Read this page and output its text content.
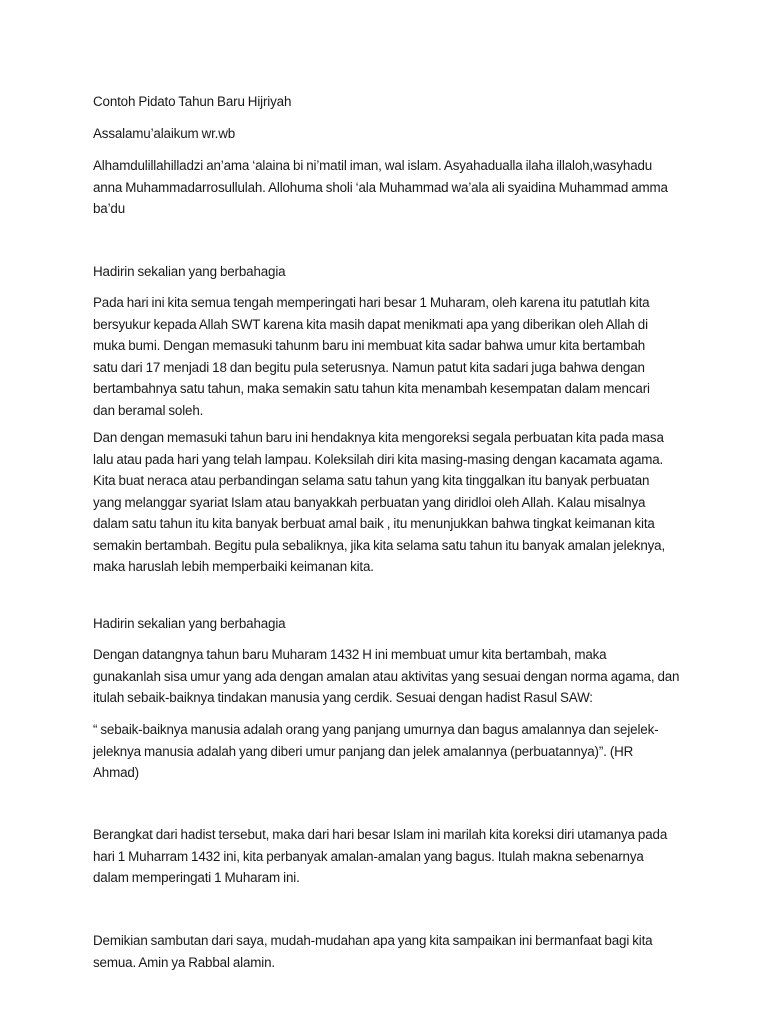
Contoh Pidato Tahun Baru Hijriyah
Assalamu’alaikum wr.wb
Alhamdulillahilladzi an’ama ‘alaina bi ni’matil iman, wal islam. Asyahadualla ilaha illaloh,wasyhadu
anna Muhammadarrosullulah. Allohuma sholi ‘ala Muhammad wa’ala ali syaidina Muhammad amma
ba’du
Hadirin sekalian yang berbahagia
Pada hari ini kita semua tengah memperingati hari besar 1 Muharam, oleh karena itu patutlah kita
bersyukur kepada Allah SWT karena kita masih dapat menikmati apa yang diberikan oleh Allah di
muka bumi. Dengan memasuki tahunm baru ini membuat kita sadar bahwa umur kita bertambah
satu dari 17 menjadi 18 dan begitu pula seterusnya. Namun patut kita sadari juga bahwa dengan
bertambahnya satu tahun, maka semakin satu tahun kita menambah kesempatan dalam mencari
dan beramal soleh.
Dan dengan memasuki tahun baru ini hendaknya kita mengoreksi segala perbuatan kita pada masa
lalu atau pada hari yang telah lampau. Koleksilah diri kita masing-masing dengan kacamata agama.
Kita buat neraca atau perbandingan selama satu tahun yang kita tinggalkan itu banyak perbuatan
yang melanggar syariat Islam atau banyakkah perbuatan yang diridloi oleh Allah. Kalau misalnya
dalam satu tahun itu kita banyak berbuat amal baik , itu menunjukkan bahwa tingkat keimanan kita
semakin bertambah. Begitu pula sebaliknya, jika kita selama satu tahun itu banyak amalan jeleknya,
maka haruslah lebih memperbaiki keimanan kita.
Hadirin sekalian yang berbahagia
Dengan datangnya tahun baru Muharam 1432 H ini membuat umur kita bertambah, maka
gunakanlah sisa umur yang ada dengan amalan atau aktivitas yang sesuai dengan norma agama, dan
itulah sebaik-baiknya tindakan manusia yang cerdik. Sesuai dengan hadist Rasul SAW:
“ sebaik-baiknya manusia adalah orang yang panjang umurnya dan bagus amalannya dan sejelek-
jeleknya manusia adalah yang diberi umur panjang dan jelek amalannya (perbuatannya)”. (HR
Ahmad)
Berangkat dari hadist tersebut, maka dari hari besar Islam ini marilah kita koreksi diri utamanya pada
hari 1 Muharram 1432 ini, kita perbanyak amalan-amalan yang bagus. Itulah makna sebenarnya
dalam memperingati 1 Muharam ini.
Demikian sambutan dari saya, mudah-mudahan apa yang kita sampaikan ini bermanfaat bagi kita
semua. Amin ya Rabbal alamin.
